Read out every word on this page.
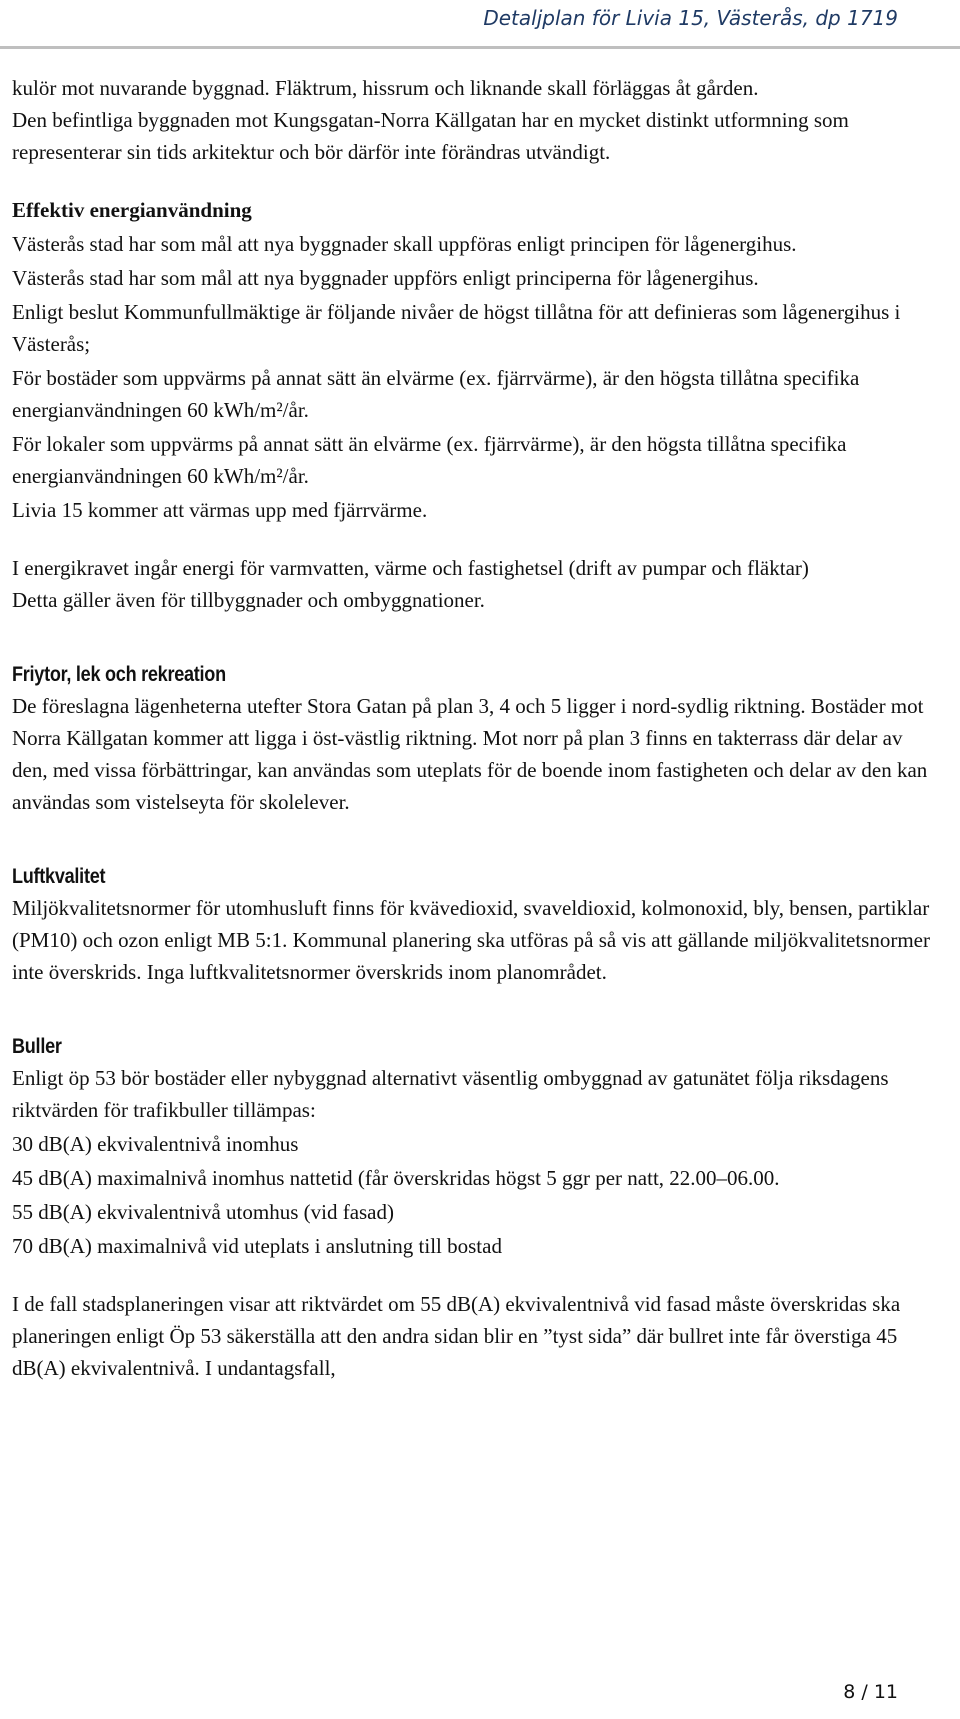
Detaljplan för Livia 15, Västerås, dp 1719

kulör mot nuvarande byggnad. Fläktrum, hissrum och liknande skall förläggas åt gården.

Den befintliga byggnaden mot Kungsgatan-Norra Källgatan har en mycket distinkt utformning som representerar sin tids arkitektur och bör därför inte förändras utvändigt.

Effektiv energianvändning

Västerås stad har som mål att nya byggnader skall uppföras enligt principen för lågenergihus.

Västerås stad har som mål att nya byggnader uppförs enligt principerna för lågenergihus.

Enligt beslut Kommunfullmäktige är följande nivåer de högst tillåtna för att definieras som lågenergihus i Västerås;

För bostäder som uppvärms på annat sätt än elvärme (ex. fjärrvärme), är den högsta tillåtna specifika energianvändningen 60 kWh/m²/år.

För lokaler som uppvärms på annat sätt än elvärme (ex. fjärrvärme), är den högsta tillåtna specifika energianvändningen 60 kWh/m²/år.

Livia 15 kommer att värmas upp med fjärrvärme.

I energikravet ingår energi för varmvatten, värme och fastighetsel (drift av pumpar och fläktar)

Detta gäller även för tillbyggnader och ombyggnationer.

Friytor, lek och rekreation

De föreslagna lägenheterna utefter Stora Gatan på plan 3, 4 och 5 ligger i nord-sydlig riktning. Bostäder mot Norra Källgatan kommer att ligga i öst-västlig riktning. Mot norr på plan 3 finns en takterrass där delar av den, med vissa förbättringar, kan användas som uteplats för de boende inom fastigheten och delar av den kan användas som vistelseyta för skolelever.

Luftkvalitet

Miljökvalitetsnormer för utomhusluft finns för kvävedioxid, svaveldioxid, kolmonoxid, bly, bensen, partiklar (PM10) och ozon enligt MB 5:1. Kommunal planering ska utföras på så vis att gällande miljökvalitetsnormer inte överskrids. Inga luftkvalitetsnormer överskrids inom planområdet.

Buller

Enligt öp 53 bör bostäder eller nybyggnad alternativt väsentlig ombyggnad av gatunätet följa riksdagens riktvärden för trafikbuller tillämpas:

30 dB(A) ekvivalentnivå inomhus

45 dB(A) maximalnivå inomhus nattetid (får överskridas högst 5 ggr per natt, 22.00–06.00.

55 dB(A) ekvivalentnivå utomhus (vid fasad)

70 dB(A) maximalnivå vid uteplats i anslutning till bostad

I de fall stadsplaneringen visar att riktvärdet om 55 dB(A) ekvivalentnivå vid fasad måste överskridas ska planeringen enligt Öp 53 säkerställa att den andra sidan blir en ”tyst sida” där bullret inte får överstiga 45 dB(A) ekvivalentnivå. I undantagsfall,

8 / 11
